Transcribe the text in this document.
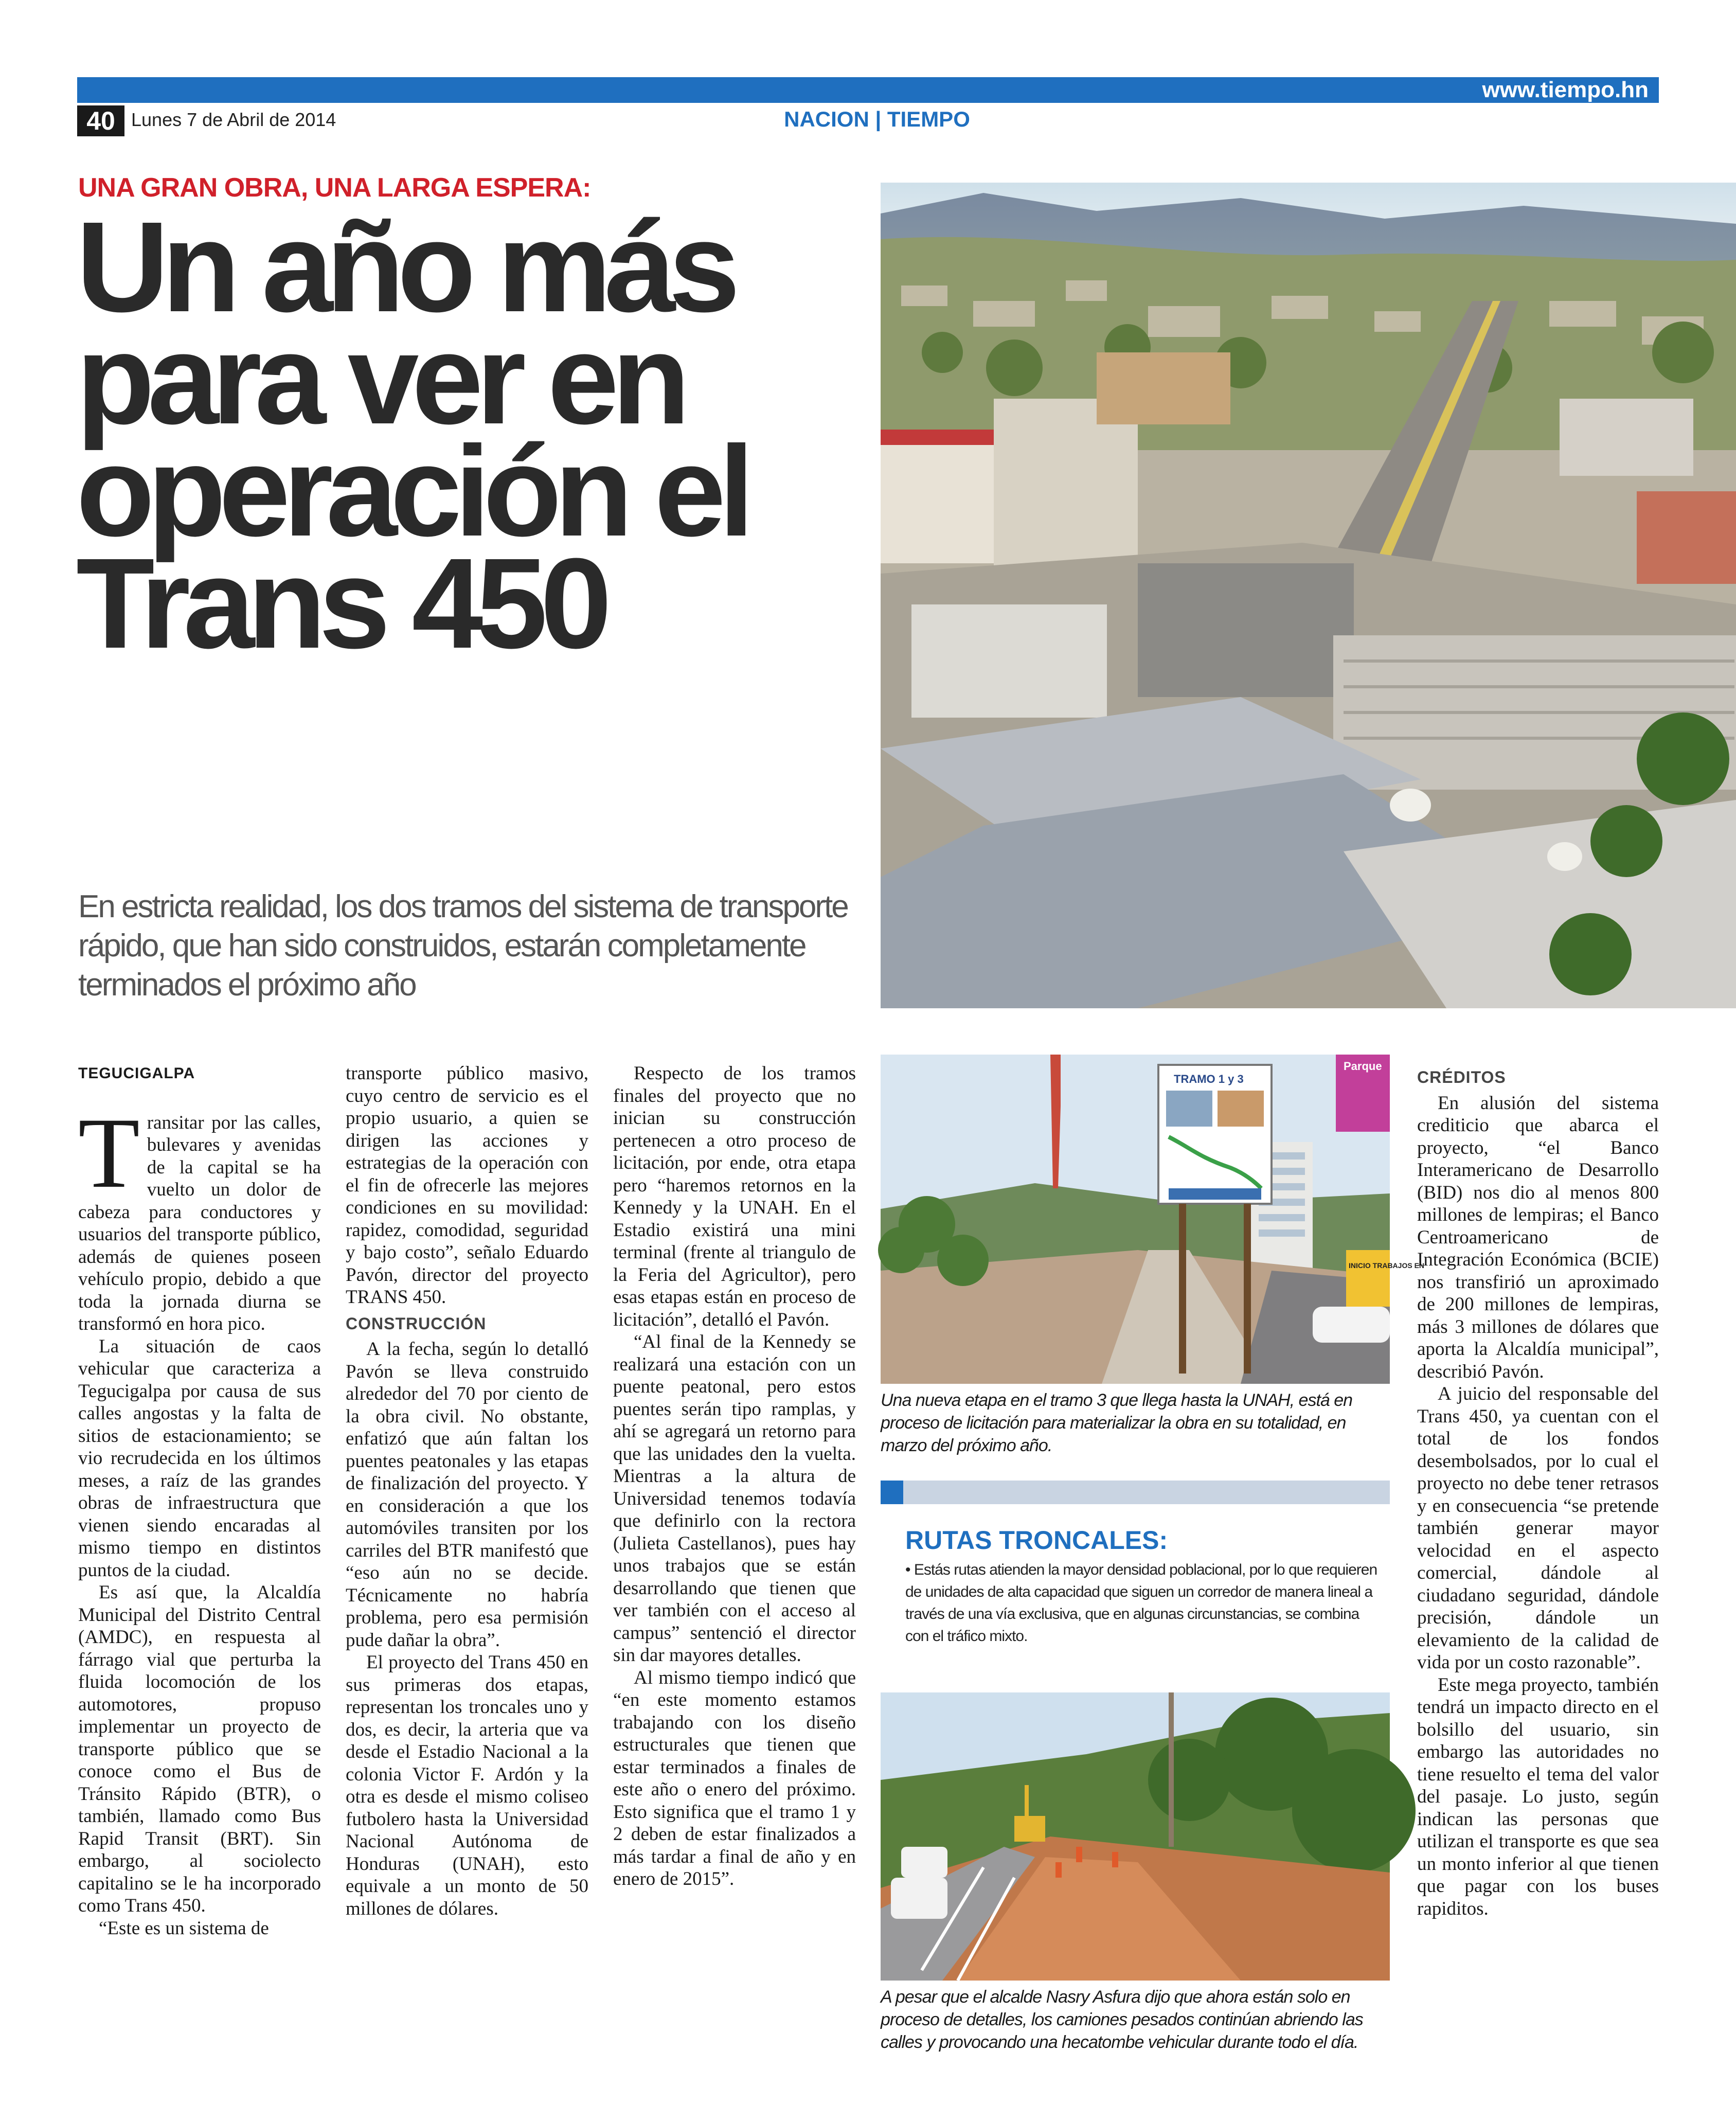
www.tiempo.hn
40 Lunes 7 de Abril de 2014	NACION | TIEMPO
UNA GRAN OBRA, UNA LARGA ESPERA:
Un año más
para ver en
operación el
Trans 450

En estricta realidad, los dos tramos del sistema de transporte rápido, que han sido construidos, estarán completamente terminados el próximo año

TEGUCIGALPA

Transitar por las calles, bulevares y avenidas de la capital se ha vuelto un dolor de cabeza para conductores y usuarios del transporte público, además de quienes poseen vehículo propio, debido a que toda la jornada diurna se transformó en hora pico.

La situación de caos vehicular que caracteriza a Tegucigalpa por causa de sus calles angostas y la falta de sitios de estacionamiento; se vio recrudecida en los últimos meses, a raíz de las grandes obras de infraestructura que vienen siendo encaradas al mismo tiempo en distintos puntos de la ciudad.

Es así que, la Alcaldía Municipal del Distrito Central (AMDC), en respuesta al fárrago vial que perturba la fluida locomoción de los automotores, propuso implementar un proyecto de transporte público que se conoce como el Bus de Tránsito Rápido (BTR), o también, llamado como Bus Rapid Transit (BRT). Sin embargo, al sociolecto capitalino se le ha incorporado como Trans 450.

“Este es un sistema de

transporte público masivo, cuyo centro de servicio es el propio usuario, a quien se dirigen las acciones y estrategias de la operación con el fin de ofrecerle las mejores condiciones en su movilidad: rapidez, comodidad, seguridad y bajo costo”, señalo Eduardo Pavón, director del proyecto TRANS 450.

CONSTRUCCIÓN

A la fecha, según lo detalló Pavón se lleva construido alrededor del 70 por ciento de la obra civil. No obstante, enfatizó que aún faltan los puentes peatonales y las etapas de finalización del proyecto. Y en consideración a que los automóviles transiten por los carriles del BTR manifestó que “eso aún no se decide. Técnicamente no habría problema, pero esa permisión pude dañar la obra”.

El proyecto del Trans 450 en sus primeras dos etapas, representan los troncales uno y dos, es decir, la arteria que va desde el Estadio Nacional a la colonia Victor F. Ardón y la otra es desde el mismo coliseo futbolero hasta la Universidad Nacional Autónoma de Honduras (UNAH), esto equivale a un monto de 50 millones de dólares.

Respecto de los tramos finales del proyecto que no inician su construcción pertenecen a otro proceso de licitación, por ende, otra etapa pero “haremos retornos en la Kennedy y la UNAH. En el Estadio existirá una mini terminal (frente al triangulo de la Feria del Agricultor), pero esas etapas están en proceso de licitación”, detalló el Pavón.

“Al final de la Kennedy se realizará una estación con un puente peatonal, pero estos puentes serán tipo ramplas, y ahí se agregará un retorno para que las unidades den la vuelta. Mientras a la altura de Universidad tenemos todavía que definirlo con la rectora (Julieta Castellanos), pues hay unos trabajos que se están desarrollando que tienen que ver también con el acceso al campus” sentenció el director sin dar mayores detalles.

Al mismo tiempo indicó que “en este momento estamos trabajando con los diseño estructurales que tienen que estar terminados a finales de este año o enero del próximo. Esto significa que el tramo 1 y 2 deben de estar finalizados a más tardar a final de año y en enero de 2015”.

Parque
TRAMO 1 y 3
INICIO TRABAJOS EN
Una nueva etapa en el tramo 3 que llega hasta la UNAH, está en proceso de licitación para materializar la obra en su totalidad, en marzo del próximo año.
RUTAS TRONCALES:
• Estás rutas atienden la mayor densidad poblacional, por lo que requieren de unidades de alta capacidad que siguen un corredor de manera lineal a través de una vía exclusiva, que en algunas circunstancias, se combina con el tráfico mixto.
A pesar que el alcalde Nasry Asfura dijo que ahora están solo en proceso de detalles, los camiones pesados continúan abriendo las calles y provocando una hecatombe vehicular durante todo el día.
CRÉDITOS

En alusión del sistema crediticio que abarca el proyecto, “el Banco Interamericano de Desarrollo (BID) nos dio al menos 800 millones de lempiras; el Banco Centroamericano de Integración Económica (BCIE) nos transfirió un aproximado de 200 millones de lempiras, más 3 millones de dólares que aporta la Alcaldía municipal”, describió Pavón.

A juicio del responsable del Trans 450, ya cuentan con el total de los fondos desembolsados, por lo cual el proyecto no debe tener retrasos y en consecuencia “se pretende también generar mayor velocidad en el aspecto comercial, dándole al ciudadano seguridad, dándole precisión, dándole un elevamiento de la calidad de vida por un costo razonable”.

Este mega proyecto, también tendrá un impacto directo en el bolsillo del usuario, sin embargo las autoridades no tiene resuelto el tema del valor del pasaje. Lo justo, según indican las personas que utilizan el transporte es que sea un monto inferior al que tienen que pagar con los buses rapiditos.
